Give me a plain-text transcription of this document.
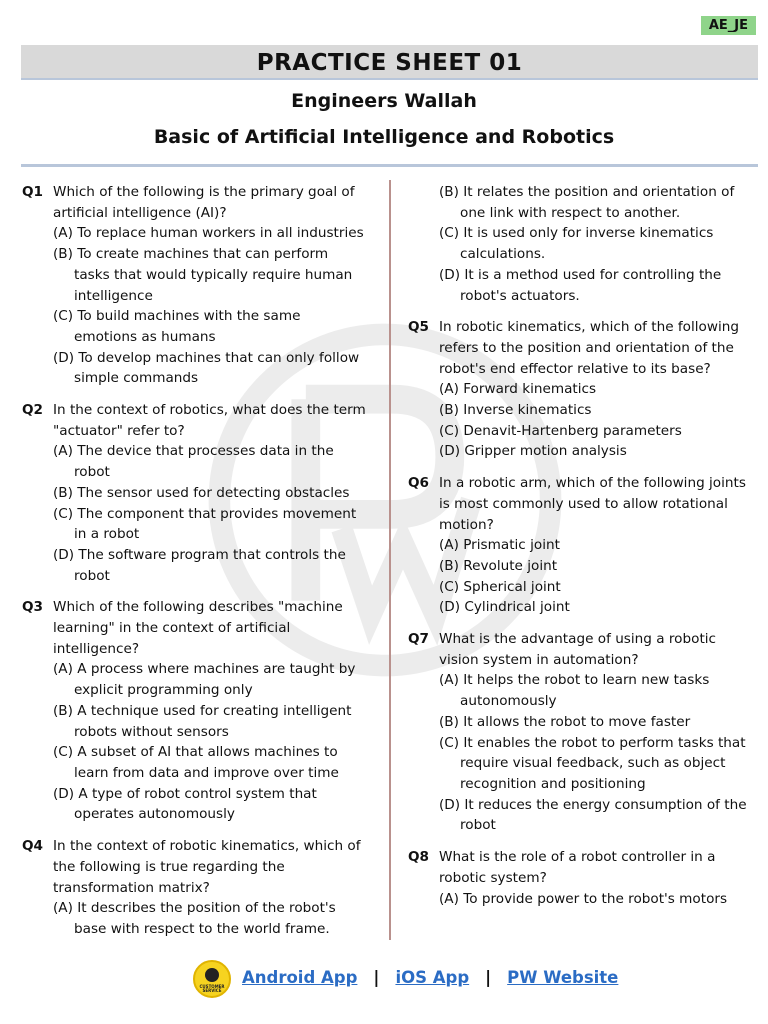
AE_JE
PRACTICE SHEET 01
Engineers Wallah
Basic of Artificial Intelligence and Robotics
Q1 Which of the following is the primary goal of artificial intelligence (AI)?
(A) To replace human workers in all industries
(B) To create machines that can perform tasks that would typically require human intelligence
(C) To build machines with the same emotions as humans
(D) To develop machines that can only follow simple commands
Q2 In the context of robotics, what does the term "actuator" refer to?
(A) The device that processes data in the robot
(B) The sensor used for detecting obstacles
(C) The component that provides movement in a robot
(D) The software program that controls the robot
Q3 Which of the following describes "machine learning" in the context of artificial intelligence?
(A) A process where machines are taught by explicit programming only
(B) A technique used for creating intelligent robots without sensors
(C) A subset of AI that allows machines to learn from data and improve over time
(D) A type of robot control system that operates autonomously
Q4 In the context of robotic kinematics, which of the following is true regarding the transformation matrix?
(A) It describes the position of the robot's base with respect to the world frame.
(B) It relates the position and orientation of one link with respect to another.
(C) It is used only for inverse kinematics calculations.
(D) It is a method used for controlling the robot's actuators.
Q5 In robotic kinematics, which of the following refers to the position and orientation of the robot's end effector relative to its base?
(A) Forward kinematics
(B) Inverse kinematics
(C) Denavit-Hartenberg parameters
(D) Gripper motion analysis
Q6 In a robotic arm, which of the following joints is most commonly used to allow rotational motion?
(A) Prismatic joint
(B) Revolute joint
(C) Spherical joint
(D) Cylindrical joint
Q7 What is the advantage of using a robotic vision system in automation?
(A) It helps the robot to learn new tasks autonomously
(B) It allows the robot to move faster
(C) It enables the robot to perform tasks that require visual feedback, such as object recognition and positioning
(D) It reduces the energy consumption of the robot
Q8 What is the role of a robot controller in a robotic system?
(A) To provide power to the robot's motors
CUSTOMER SERVICE
Android App | iOS App | PW Website
